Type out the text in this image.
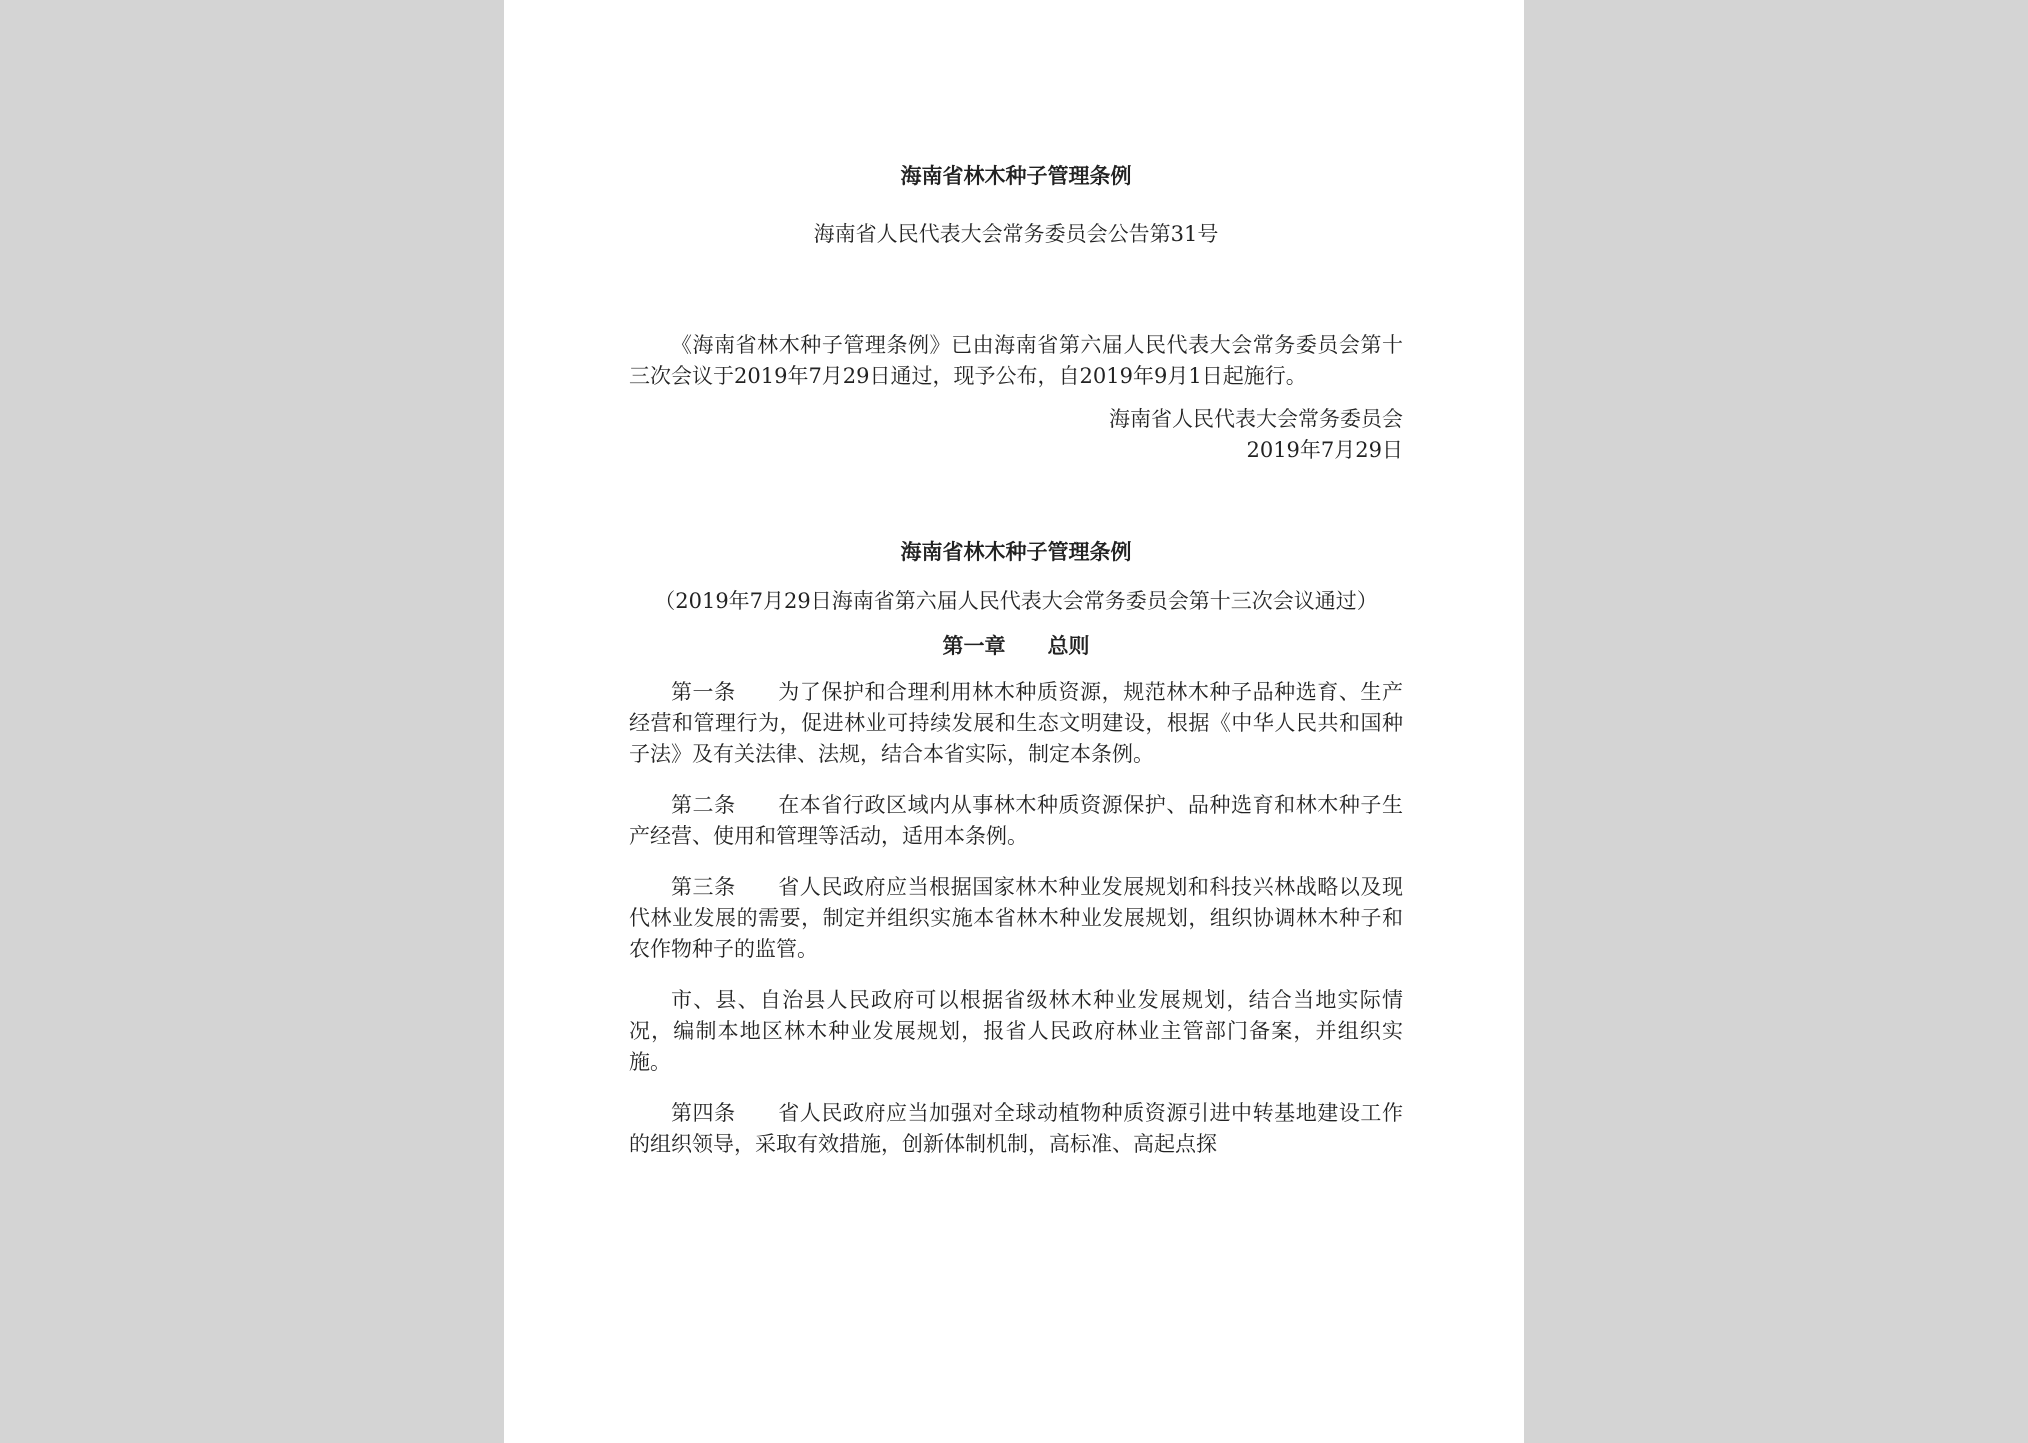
海南省林木种子管理条例
海南省人民代表大会常务委员会公告第31号

《海南省林木种子管理条例》已由海南省第六届人民代表大会常务委员会第十三次会议于2019年7月29日通过，现予公布，自2019年9月1日起施行。

海南省人民代表大会常务委员会
2019年7月29日
海南省林木种子管理条例
（2019年7月29日海南省第六届人民代表大会常务委员会第十三次会议通过）
第一章 总则

第一条 为了保护和合理利用林木种质资源，规范林木种子品种选育、生产经营和管理行为，促进林业可持续发展和生态文明建设，根据《中华人民共和国种子法》及有关法律、法规，结合本省实际，制定本条例。

第二条 在本省行政区域内从事林木种质资源保护、品种选育和林木种子生产经营、使用和管理等活动，适用本条例。

第三条 省人民政府应当根据国家林木种业发展规划和科技兴林战略以及现代林业发展的需要，制定并组织实施本省林木种业发展规划，组织协调林木种子和农作物种子的监管。

市、县、自治县人民政府可以根据省级林木种业发展规划，结合当地实际情况，编制本地区林木种业发展规划，报省人民政府林业主管部门备案，并组织实施。

第四条 省人民政府应当加强对全球动植物种质资源引进中转基地建设工作的组织领导，采取有效措施，创新体制机制，高标准、高起点探
